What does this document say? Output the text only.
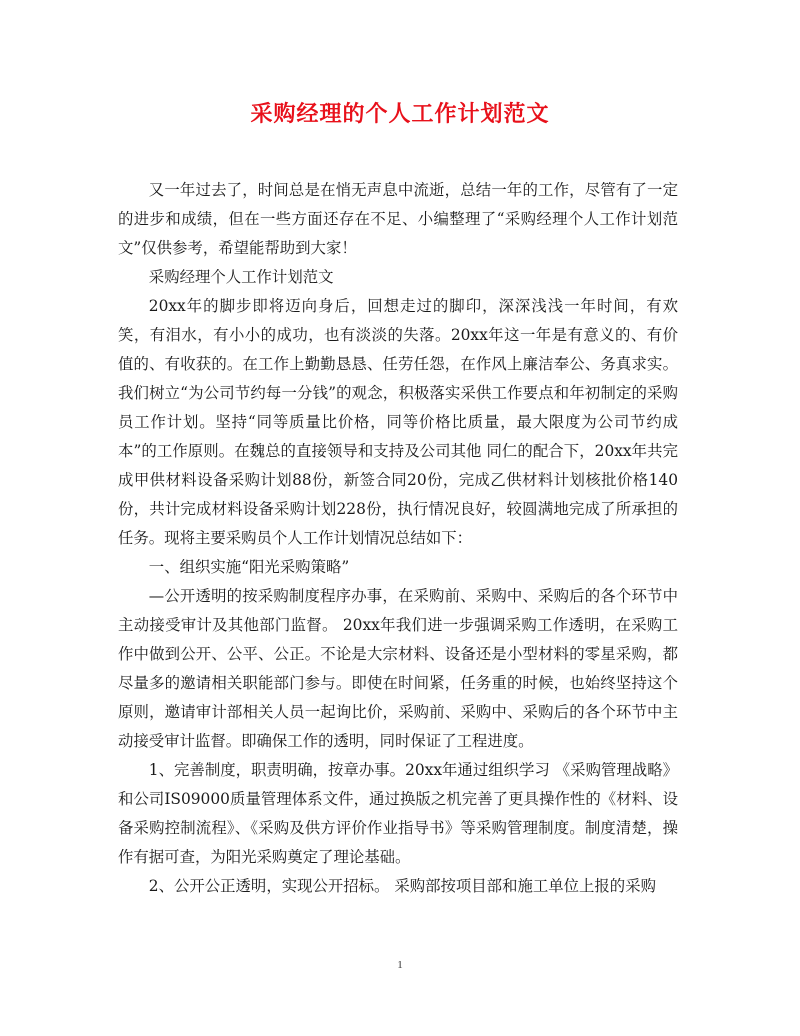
采购经理的个人工作计划范文

又一年过去了，时间总是在悄无声息中流逝，总结一年的工作，尽管有了一定的进步和成绩，但在一些方面还存在不足、小编整理了“采购经理个人工作计划范文”仅供参考，希望能帮助到大家！

采购经理个人工作计划范文

20xx年的脚步即将迈向身后，回想走过的脚印，深深浅浅一年时间，有欢笑，有泪水，有小小的成功，也有淡淡的失落。20xx年这一年是有意义的、有价值的、有收获的。在工作上勤勤恳恳、任劳任怨，在作风上廉洁奉公、务真求实。我们树立“为公司节约每一分钱”的观念，积极落实采供工作要点和年初制定的采购员工作计划。坚持“同等质量比价格，同等价格比质量，最大限度为公司节约成本”的工作原则。在魏总的直接领导和支持及公司其他 同仁的配合下，20xx年共完成甲供材料设备采购计划88份，新签合同20份，完成乙供材料计划核批价格140份，共计完成材料设备采购计划228份，执行情况良好，较圆满地完成了所承担的任务。现将主要采购员个人工作计划情况总结如下：

一、组织实施“阳光采购策略”

—公开透明的按采购制度程序办事，在采购前、采购中、采购后的各个环节中主动接受审计及其他部门监督。 20xx年我们进一步强调采购工作透明，在采购工作中做到公开、公平、公正。不论是大宗材料、设备还是小型材料的零星采购，都尽量多的邀请相关职能部门参与。即使在时间紧，任务重的时候，也始终坚持这个原则，邀请审计部相关人员一起询比价，采购前、采购中、采购后的各个环节中主动接受审计监督。即确保工作的透明，同时保证了工程进度。

1、完善制度，职责明确，按章办事。20xx年通过组织学习 《采购管理战略》和公司IS09000质量管理体系文件，通过换版之机完善了更具操作性的《材料、设备采购控制流程》、《采购及供方评价作业指导书》等采购管理制度。制度清楚，操作有据可查，为阳光采购奠定了理论基础。

2、公开公正透明，实现公开招标。 采购部按项目部和施工单位上报的采购

1
